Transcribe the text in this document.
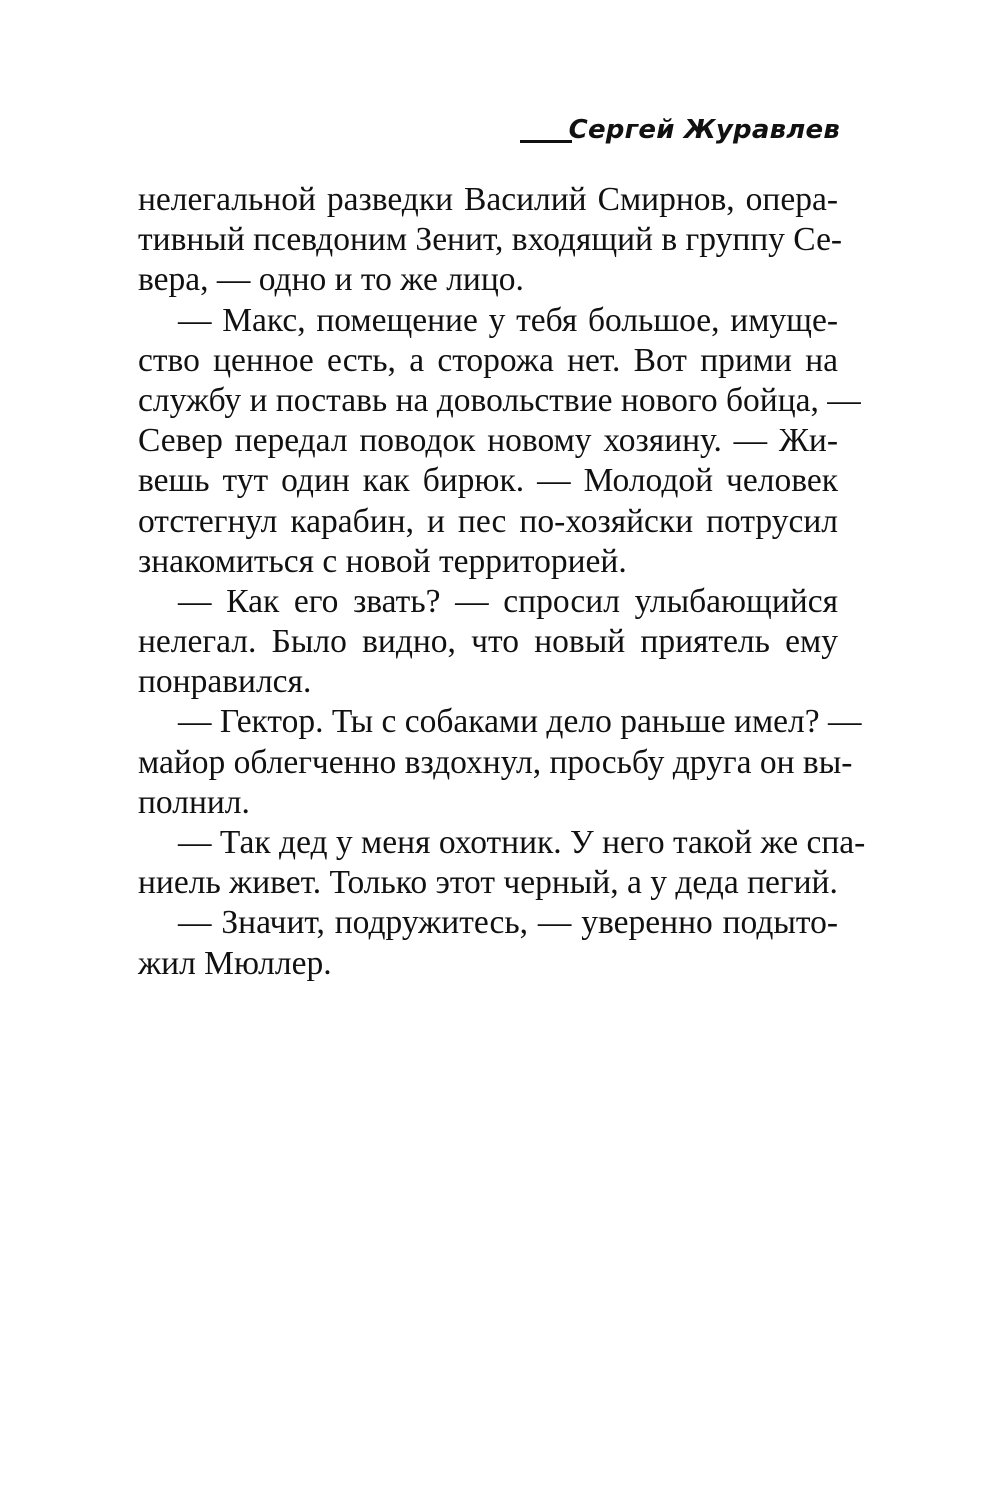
Сергей Журавлев
нелегальной разведки Василий Смирнов, опера-
тивный псевдоним Зенит, входящий в группу Се-
вера, — одно и то же лицо.
— Макс, помещение у тебя большое, имуще-
ство ценное есть, а сторожа нет. Вот прими на
службу и поставь на довольствие нового бойца, —
Север передал поводок новому хозяину. — Жи-
вешь тут один как бирюк. — Молодой человек
отстегнул карабин, и пес по-хозяйски потрусил
знакомиться с новой территорией.
— Как его звать? — спросил улыбающийся
нелегал. Было видно, что новый приятель ему
понравился.
— Гектор. Ты с собаками дело раньше имел? —
майор облегченно вздохнул, просьбу друга он вы-
полнил.
— Так дед у меня охотник. У него такой же спа-
ниель живет. Только этот черный, а у деда пегий.
— Значит, подружитесь, — уверенно подыто-
жил Мюллер.
